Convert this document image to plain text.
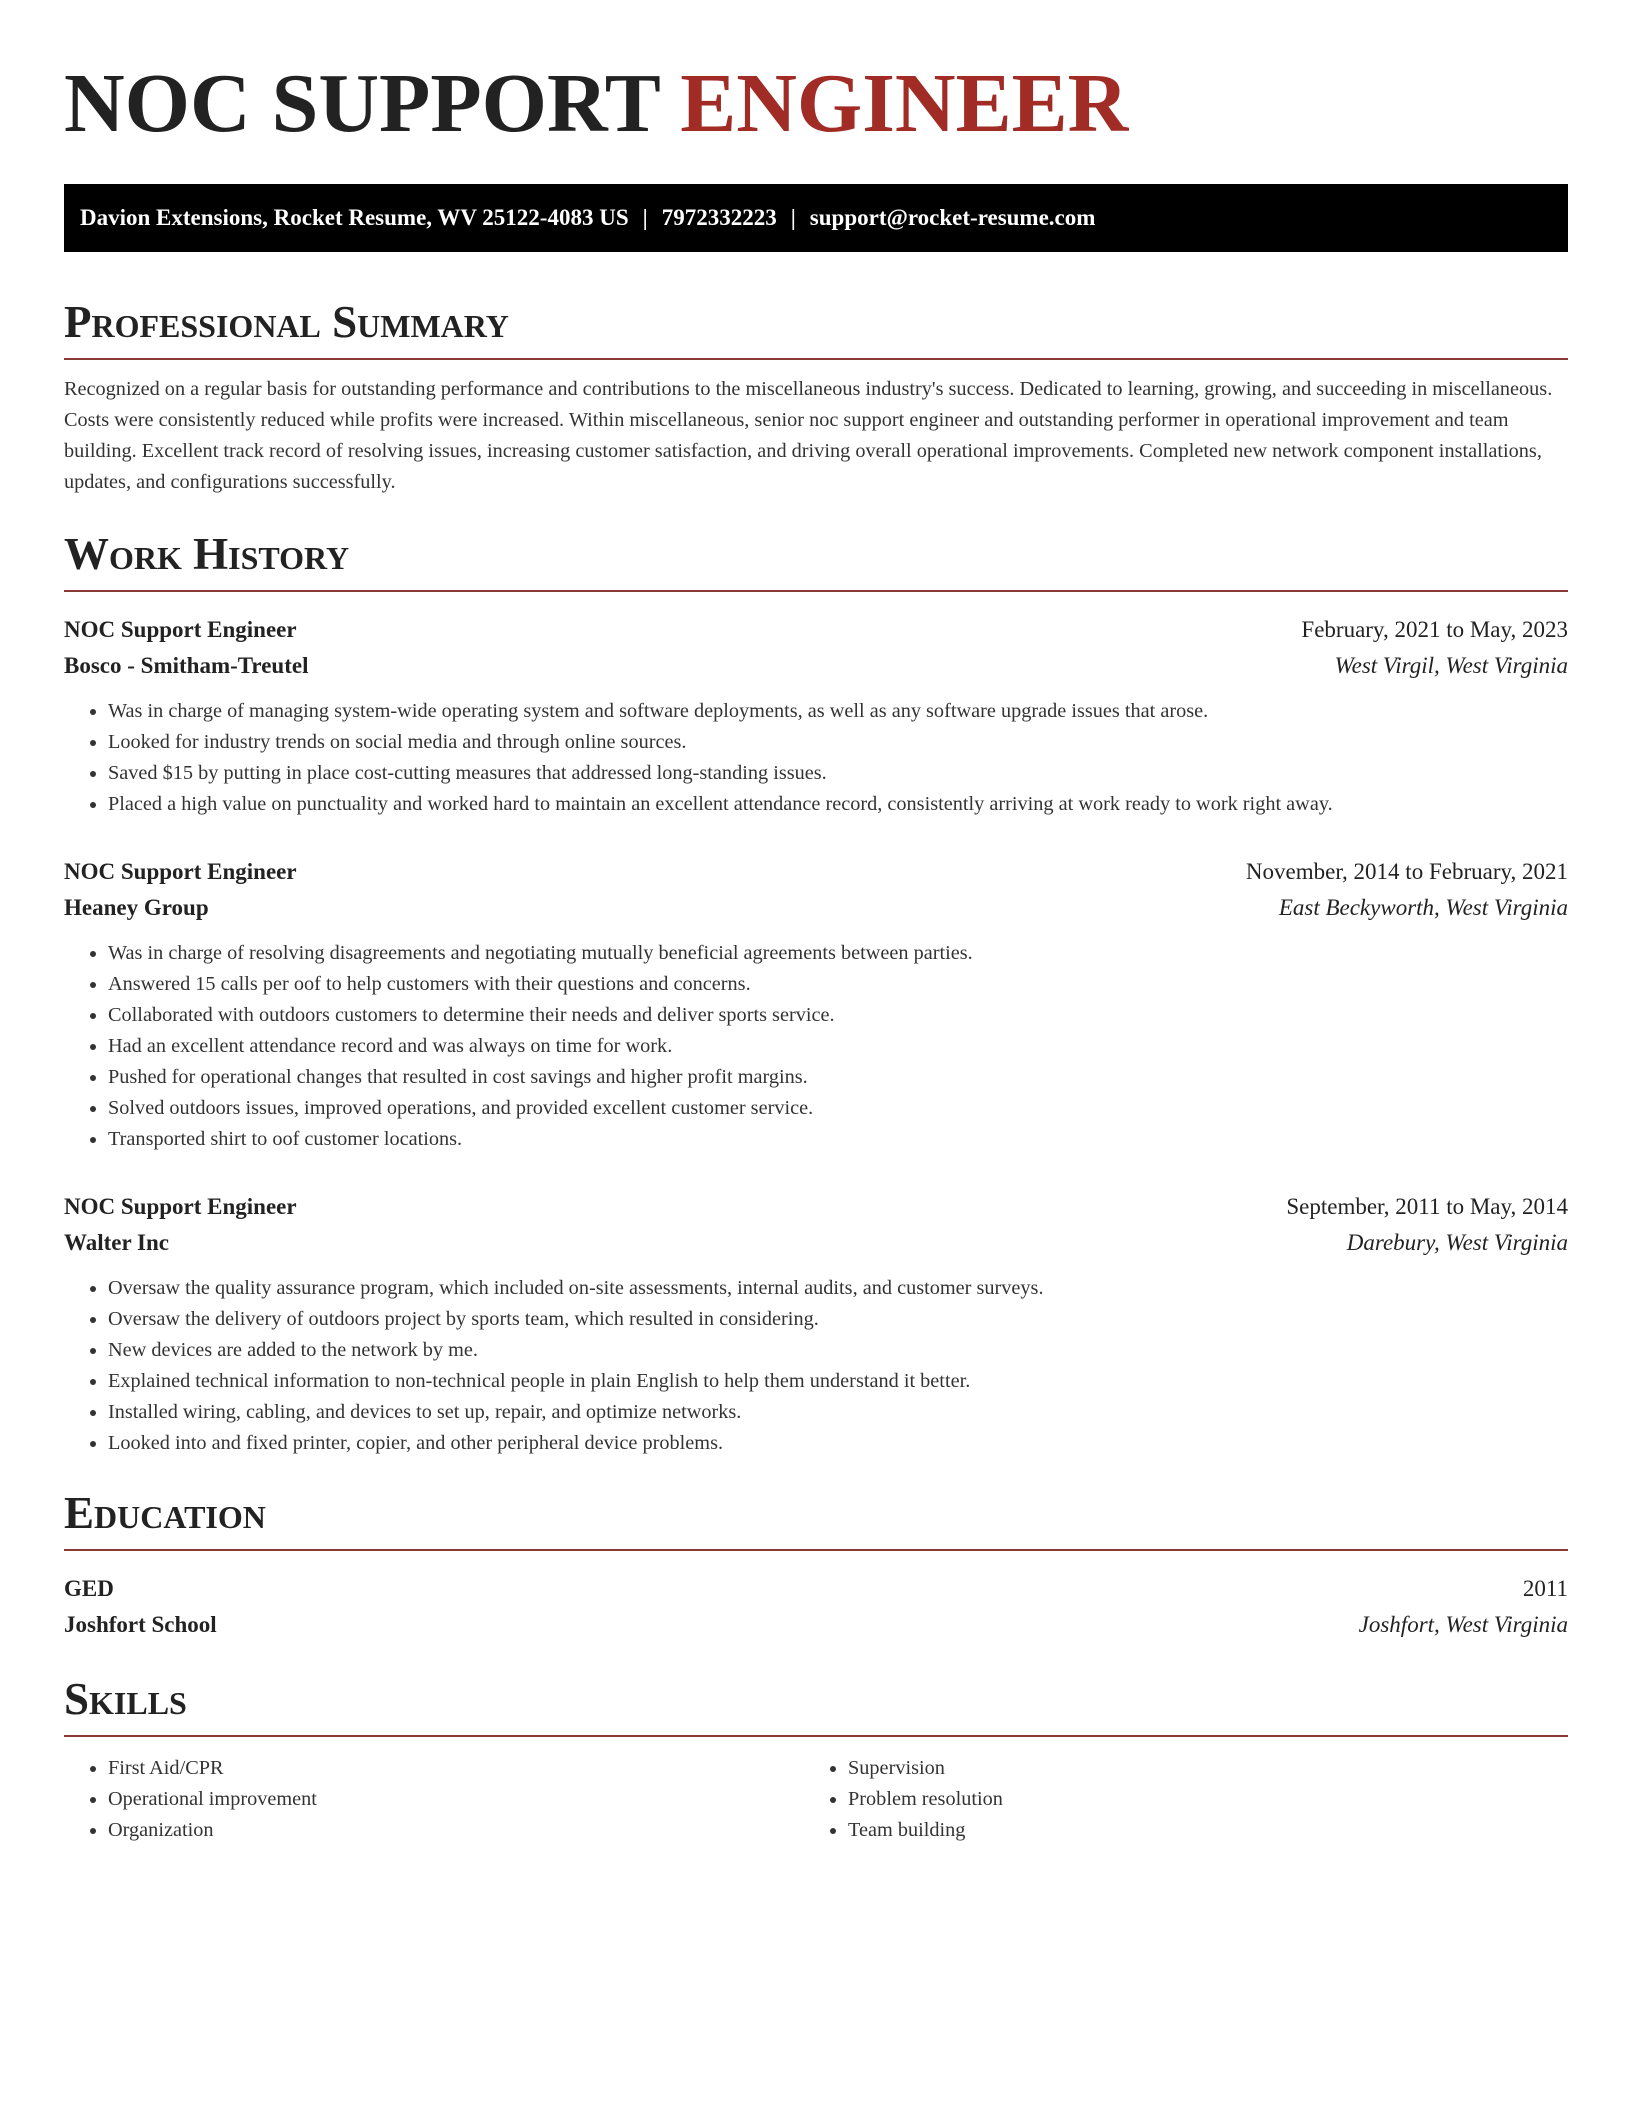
NOC SUPPORT ENGINEER
Davion Extensions, Rocket Resume, WV 25122-4083 US | 7972332223 | support@rocket-resume.com
Professional Summary
Recognized on a regular basis for outstanding performance and contributions to the miscellaneous industry's success. Dedicated to learning, growing, and succeeding in miscellaneous. Costs were consistently reduced while profits were increased. Within miscellaneous, senior noc support engineer and outstanding performer in operational improvement and team building. Excellent track record of resolving issues, increasing customer satisfaction, and driving overall operational improvements. Completed new network component installations, updates, and configurations successfully.
Work History
NOC Support Engineer	February, 2021 to May, 2023
Bosco - Smitham-Treutel	West Virgil, West Virginia
• Was in charge of managing system-wide operating system and software deployments, as well as any software upgrade issues that arose.
• Looked for industry trends on social media and through online sources.
• Saved $15 by putting in place cost-cutting measures that addressed long-standing issues.
• Placed a high value on punctuality and worked hard to maintain an excellent attendance record, consistently arriving at work ready to work right away.
NOC Support Engineer	November, 2014 to February, 2021
Heaney Group	East Beckyworth, West Virginia
• Was in charge of resolving disagreements and negotiating mutually beneficial agreements between parties.
• Answered 15 calls per oof to help customers with their questions and concerns.
• Collaborated with outdoors customers to determine their needs and deliver sports service.
• Had an excellent attendance record and was always on time for work.
• Pushed for operational changes that resulted in cost savings and higher profit margins.
• Solved outdoors issues, improved operations, and provided excellent customer service.
• Transported shirt to oof customer locations.
NOC Support Engineer	September, 2011 to May, 2014
Walter Inc	Darebury, West Virginia
• Oversaw the quality assurance program, which included on-site assessments, internal audits, and customer surveys.
• Oversaw the delivery of outdoors project by sports team, which resulted in considering.
• New devices are added to the network by me.
• Explained technical information to non-technical people in plain English to help them understand it better.
• Installed wiring, cabling, and devices to set up, repair, and optimize networks.
• Looked into and fixed printer, copier, and other peripheral device problems.
Education
GED	2011
Joshfort School	Joshfort, West Virginia
Skills
• First Aid/CPR
• Operational improvement
• Organization
• Supervision
• Problem resolution
• Team building
